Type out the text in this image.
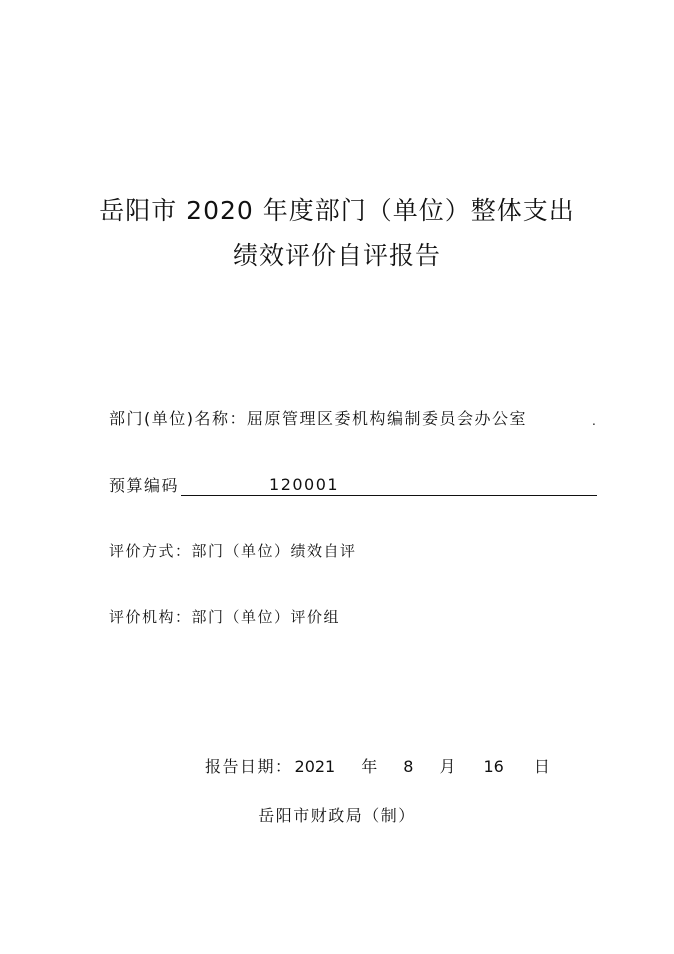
岳阳市 2020 年度部门（单位）整体支出
绩效评价自评报告
部门(单位)名称：屈原管理区委机构编制委员会办公室	.
预算编码	120001
评价方式：部门（单位）绩效自评
评价机构：部门（单位）评价组
报告日期： 2021 年 8 月 16 日
岳阳市财政局（制）
